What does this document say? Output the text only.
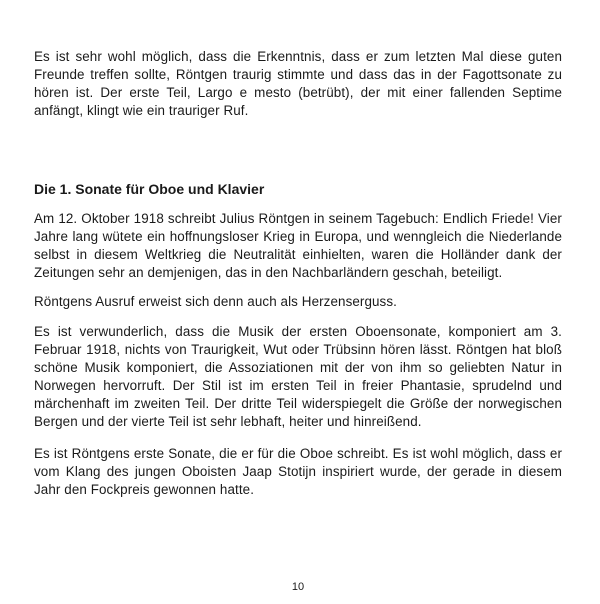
Es ist sehr wohl möglich, dass die Erkenntnis, dass er zum letzten Mal diese guten Freunde treffen sollte, Röntgen traurig stimmte und dass das in der Fagottsonate zu hören ist. Der erste Teil, Largo e mesto (betrübt), der mit einer fallenden Septime anfängt, klingt wie ein trauriger Ruf.

Die 1. Sonate für Oboe und Klavier

Am 12. Oktober 1918 schreibt Julius Röntgen in seinem Tagebuch: Endlich Friede! Vier Jahre lang wütete ein hoffnungsloser Krieg in Europa, und wenngleich die Niederlande selbst in diesem Weltkrieg die Neutralität einhielten, waren die Holländer dank der Zeitungen sehr an demjenigen, das in den Nachbarländern geschah, beteiligt.

Röntgens Ausruf erweist sich denn auch als Herzenserguss.

Es ist verwunderlich, dass die Musik der ersten Oboensonate, komponiert am 3. Februar 1918, nichts von Traurigkeit, Wut oder Trübsinn hören lässt. Röntgen hat bloß schöne Musik komponiert, die Assoziationen mit der von ihm so geliebten Natur in Norwegen hervorruft. Der Stil ist im ersten Teil in freier Phantasie, sprudelnd und märchenhaft im zweiten Teil. Der dritte Teil widerspiegelt die Größe der norwegischen Bergen und der vierte Teil ist sehr lebhaft, heiter und hinreißend.

Es ist Röntgens erste Sonate, die er für die Oboe schreibt. Es ist wohl möglich, dass er vom Klang des jungen Oboisten Jaap Stotijn inspiriert wurde, der gerade in diesem Jahr den Fockpreis gewonnen hatte.

10
